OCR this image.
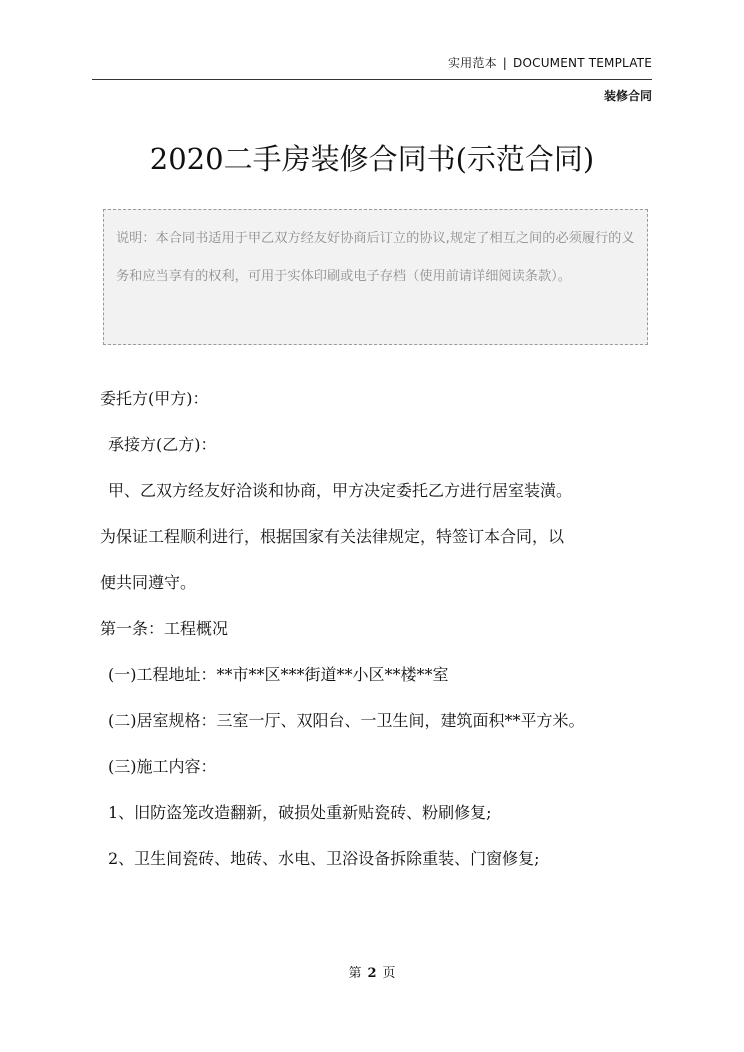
实用范本 | DOCUMENT TEMPLATE
装修合同
2020二手房装修合同书(示范合同)

说明：本合同书适用于甲乙双方经友好协商后订立的协议,规定了相互之间的必须履行的义务和应当享有的权利，可用于实体印刷或电子存档（使用前请详细阅读条款）。

委托方(甲方)：

承接方(乙方)：

甲、乙双方经友好洽谈和协商，甲方决定委托乙方进行居室装潢。

为保证工程顺利进行，根据国家有关法律规定，特签订本合同，以

便共同遵守。

第一条：工程概况

(一)工程地址：**市**区***街道**小区**楼**室

(二)居室规格：三室一厅、双阳台、一卫生间，建筑面积**平方米。

(三)施工内容：

1、旧防盗笼改造翻新，破损处重新贴瓷砖、粉刷修复;

2、卫生间瓷砖、地砖、水电、卫浴设备拆除重装、门窗修复;

第 2 页
